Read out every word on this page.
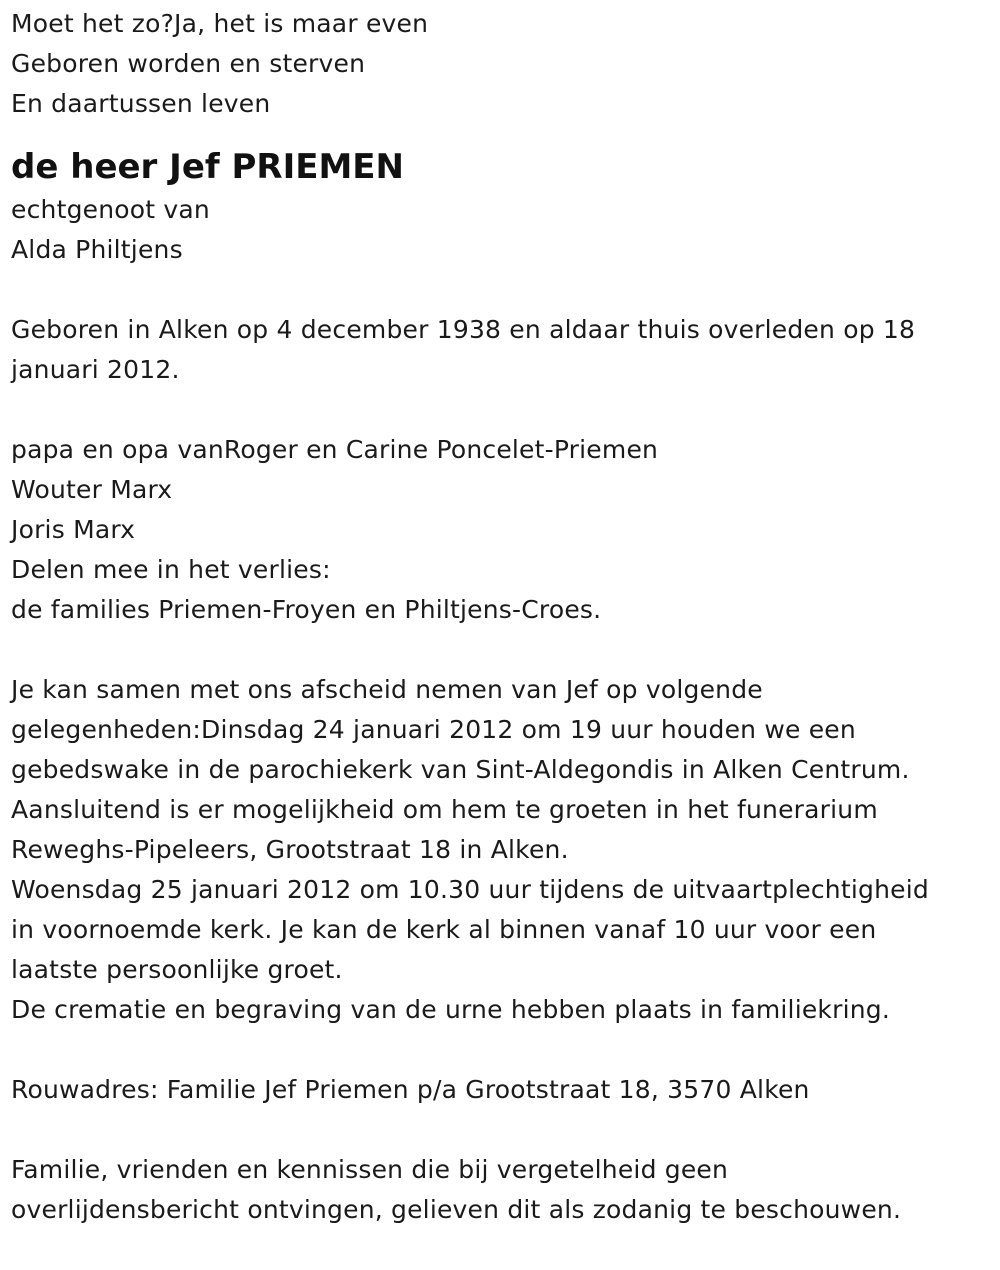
Moet het zo?Ja, het is maar even
Geboren worden en sterven
En daartussen leven
de heer Jef PRIEMEN
echtgenoot van
Alda Philtjens
Geboren in Alken op 4 december 1938 en aldaar thuis overleden op 18
januari 2012.
papa en opa vanRoger en Carine Poncelet-Priemen
Wouter Marx
Joris Marx
Delen mee in het verlies:
de families Priemen-Froyen en Philtjens-Croes.
Je kan samen met ons afscheid nemen van Jef op volgende
gelegenheden:Dinsdag 24 januari 2012 om 19 uur houden we een
gebedswake in de parochiekerk van Sint-Aldegondis in Alken Centrum.
Aansluitend is er mogelijkheid om hem te groeten in het funerarium
Reweghs-Pipeleers, Grootstraat 18 in Alken.
Woensdag 25 januari 2012 om 10.30 uur tijdens de uitvaartplechtigheid
in voornoemde kerk. Je kan de kerk al binnen vanaf 10 uur voor een
laatste persoonlijke groet.
De crematie en begraving van de urne hebben plaats in familiekring.
Rouwadres: Familie Jef Priemen p/a Grootstraat 18, 3570 Alken
Familie, vrienden en kennissen die bij vergetelheid geen
overlijdensbericht ontvingen, gelieven dit als zodanig te beschouwen.
